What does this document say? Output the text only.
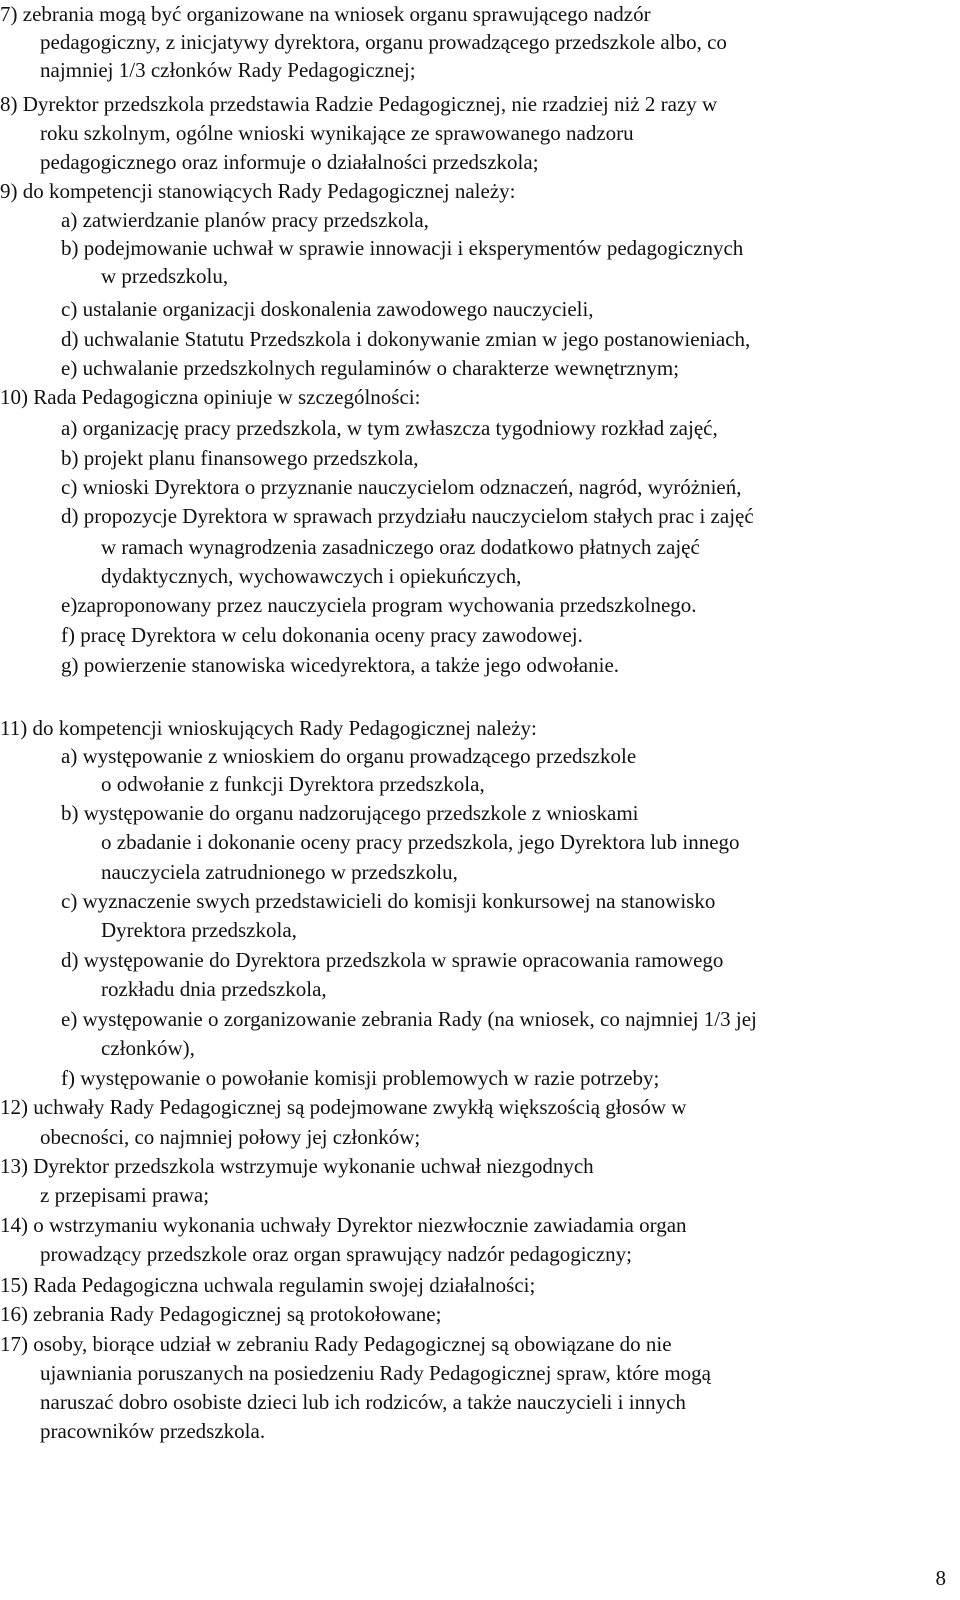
7) zebrania mogą być organizowane na wniosek organu sprawującego nadzór
pedagogiczny, z inicjatywy dyrektora, organu prowadzącego przedszkole albo, co
najmniej 1/3 członków Rady Pedagogicznej;
8) Dyrektor przedszkola przedstawia Radzie Pedagogicznej, nie rzadziej niż 2 razy w
roku szkolnym, ogólne wnioski wynikające ze sprawowanego nadzoru
pedagogicznego oraz informuje o działalności przedszkola;
9) do kompetencji stanowiących Rady Pedagogicznej należy:
a) zatwierdzanie planów pracy przedszkola,
b) podejmowanie uchwał w sprawie innowacji i eksperymentów pedagogicznych
w przedszkolu,
c) ustalanie organizacji doskonalenia zawodowego nauczycieli,
d) uchwalanie Statutu Przedszkola i dokonywanie zmian w jego postanowieniach,
e) uchwalanie przedszkolnych regulaminów o charakterze wewnętrznym;
10) Rada Pedagogiczna opiniuje w szczególności:
a) organizację pracy przedszkola, w tym zwłaszcza tygodniowy rozkład zajęć,
b) projekt planu finansowego przedszkola,
c) wnioski Dyrektora o przyznanie nauczycielom odznaczeń, nagród, wyróżnień,
d) propozycje Dyrektora w sprawach przydziału nauczycielom stałych prac i zajęć
w ramach wynagrodzenia zasadniczego oraz dodatkowo płatnych zajęć
dydaktycznych, wychowawczych i opiekuńczych,
e)zaproponowany przez nauczyciela program wychowania przedszkolnego.
f) pracę Dyrektora w celu dokonania oceny pracy zawodowej.
g) powierzenie stanowiska wicedyrektora, a także jego odwołanie.
11) do kompetencji wnioskujących Rady Pedagogicznej należy:
a) występowanie z wnioskiem do organu prowadzącego przedszkole
o odwołanie z funkcji Dyrektora przedszkola,
b) występowanie do organu nadzorującego przedszkole z wnioskami
o zbadanie i dokonanie oceny pracy przedszkola, jego Dyrektora lub innego
nauczyciela zatrudnionego w przedszkolu,
c) wyznaczenie swych przedstawicieli do komisji konkursowej na stanowisko
Dyrektora przedszkola,
d) występowanie do Dyrektora przedszkola w sprawie opracowania ramowego
rozkładu dnia przedszkola,
e) występowanie o zorganizowanie zebrania Rady (na wniosek, co najmniej 1/3 jej
członków),
f) występowanie o powołanie komisji problemowych w razie potrzeby;
12) uchwały Rady Pedagogicznej są podejmowane zwykłą większością głosów w
obecności, co najmniej połowy jej członków;
13) Dyrektor przedszkola wstrzymuje wykonanie uchwał niezgodnych
z przepisami prawa;
14) o wstrzymaniu wykonania uchwały Dyrektor niezwłocznie zawiadamia organ
prowadzący przedszkole oraz organ sprawujący nadzór pedagogiczny;
15) Rada Pedagogiczna uchwala regulamin swojej działalności;
16) zebrania Rady Pedagogicznej są protokołowane;
17) osoby, biorące udział w zebraniu Rady Pedagogicznej są obowiązane do nie
ujawniania poruszanych na posiedzeniu Rady Pedagogicznej spraw, które mogą
naruszać dobro osobiste dzieci lub ich rodziców, a także nauczycieli i innych
pracowników przedszkola.
8
